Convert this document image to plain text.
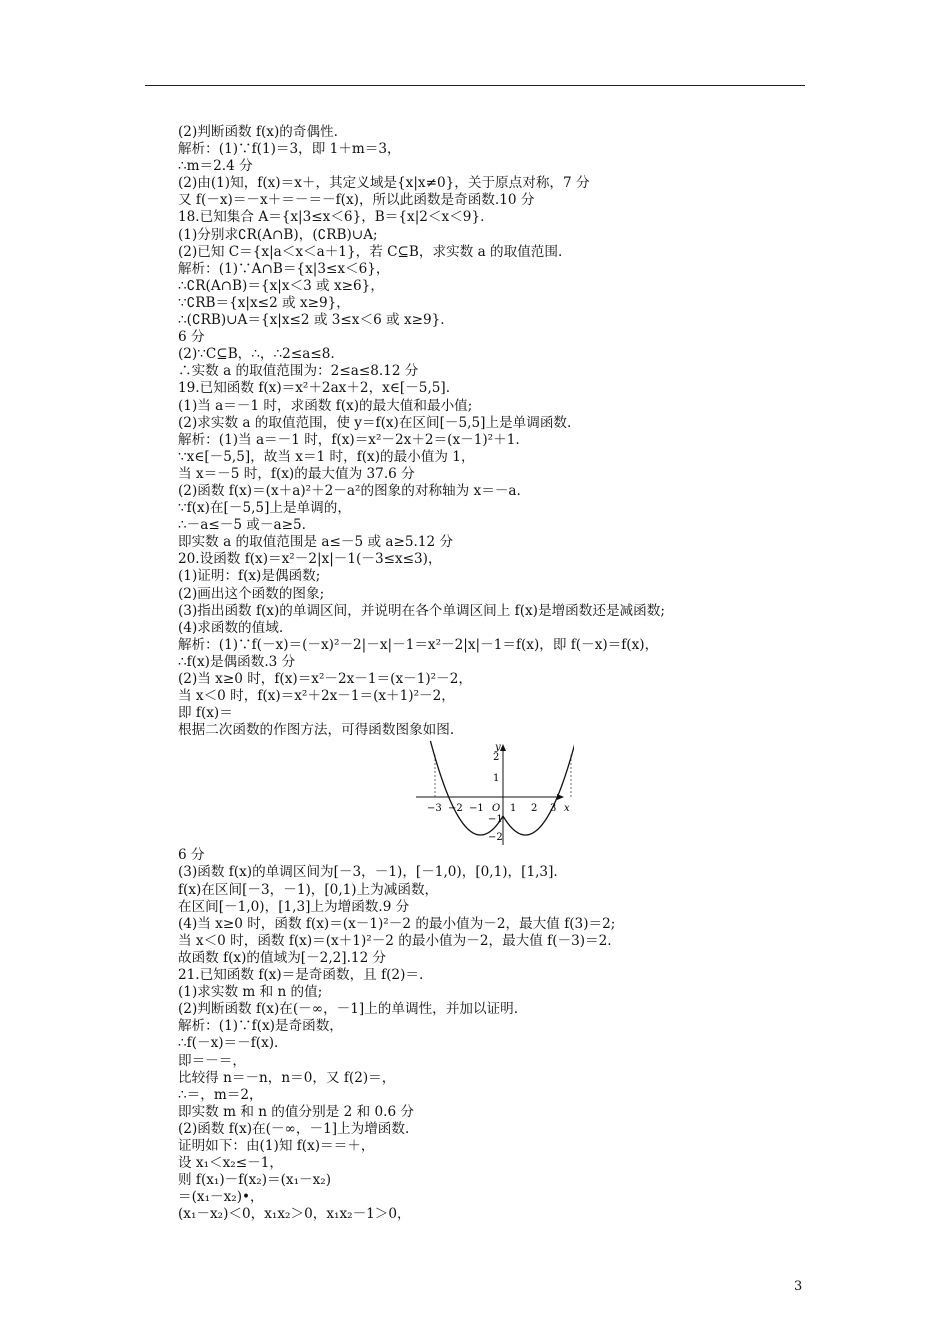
(2)判断函数 f(x)的奇偶性.
解析：(1)∵f(1)＝3，即 1＋m＝3，
∴m＝2.4 分
(2)由(1)知，f(x)＝x＋，其定义域是{x|x≠0}，关于原点对称，7 分
又 f(－x)＝－x＋＝－＝－f(x)，所以此函数是奇函数.10 分
18.已知集合 A＝{x|3≤x＜6}，B＝{x|2＜x＜9}.
(1)分别求∁R(A∩B)，(∁RB)∪A;
(2)已知 C＝{x|a＜x＜a＋1}，若 C⊆B，求实数 a 的取值范围.
解析：(1)∵A∩B＝{x|3≤x＜6}，
∴∁R(A∩B)＝{x|x＜3 或 x≥6}，
∵∁RB＝{x|x≤2 或 x≥9}，
∴(∁RB)∪A＝{x|x≤2 或 3≤x＜6 或 x≥9}.
6 分
(2)∵C⊆B，∴，∴2≤a≤8.
∴实数 a 的取值范围为：2≤a≤8.12 分
19.已知函数 f(x)＝x²＋2ax＋2，x∈[－5,5].
(1)当 a＝－1 时，求函数 f(x)的最大值和最小值;
(2)求实数 a 的取值范围，使 y＝f(x)在区间[－5,5]上是单调函数.
解析：(1)当 a＝－1 时，f(x)＝x²－2x＋2＝(x－1)²＋1.
∵x∈[－5,5]，故当 x＝1 时，f(x)的最小值为 1，
当 x＝－5 时，f(x)的最大值为 37.6 分
(2)函数 f(x)＝(x＋a)²＋2－a²的图象的对称轴为 x＝－a.
∵f(x)在[－5,5]上是单调的，
∴－a≤－5 或－a≥5.
即实数 a 的取值范围是 a≤－5 或 a≥5.12 分
20.设函数 f(x)＝x²－2|x|－1(－3≤x≤3)，
(1)证明：f(x)是偶函数;
(2)画出这个函数的图象;
(3)指出函数 f(x)的单调区间，并说明在各个单调区间上 f(x)是增函数还是减函数;
(4)求函数的值域.
解析：(1)∵f(－x)＝(－x)²－2|－x|－1＝x²－2|x|－1＝f(x)，即 f(－x)＝f(x)，
∴f(x)是偶函数.3 分
(2)当 x≥0 时，f(x)＝x²－2x－1＝(x－1)²－2，
当 x＜0 时，f(x)＝x²＋2x－1＝(x＋1)²－2，
即 f(x)＝
根据二次函数的作图方法，可得函数图象如图.
−3 −2 −1 O 1 2 3 x
2
1
−1
−2
y
6 分
(3)函数 f(x)的单调区间为[－3，－1)，[－1,0)，[0,1)，[1,3].
f(x)在区间[－3，－1)，[0,1)上为减函数，
在区间[－1,0)，[1,3]上为增函数.9 分
(4)当 x≥0 时，函数 f(x)＝(x－1)²－2 的最小值为－2，最大值 f(3)＝2;
当 x＜0 时，函数 f(x)＝(x＋1)²－2 的最小值为－2，最大值 f(－3)＝2.
故函数 f(x)的值域为[－2,2].12 分
21.已知函数 f(x)＝是奇函数，且 f(2)＝.
(1)求实数 m 和 n 的值;
(2)判断函数 f(x)在(－∞，－1]上的单调性，并加以证明.
解析：(1)∵f(x)是奇函数，
∴f(－x)＝－f(x).
即＝－＝，
比较得 n＝－n，n＝0，又 f(2)＝，
∴＝，m＝2，
即实数 m 和 n 的值分别是 2 和 0.6 分
(2)函数 f(x)在(－∞，－1]上为增函数.
证明如下：由(1)知 f(x)＝＝＋，
设 x₁＜x₂≤－1，
则 f(x₁)－f(x₂)＝(x₁－x₂)
＝(x₁－x₂)•，
(x₁－x₂)＜0，x₁x₂＞0，x₁x₂－1＞0，
3
